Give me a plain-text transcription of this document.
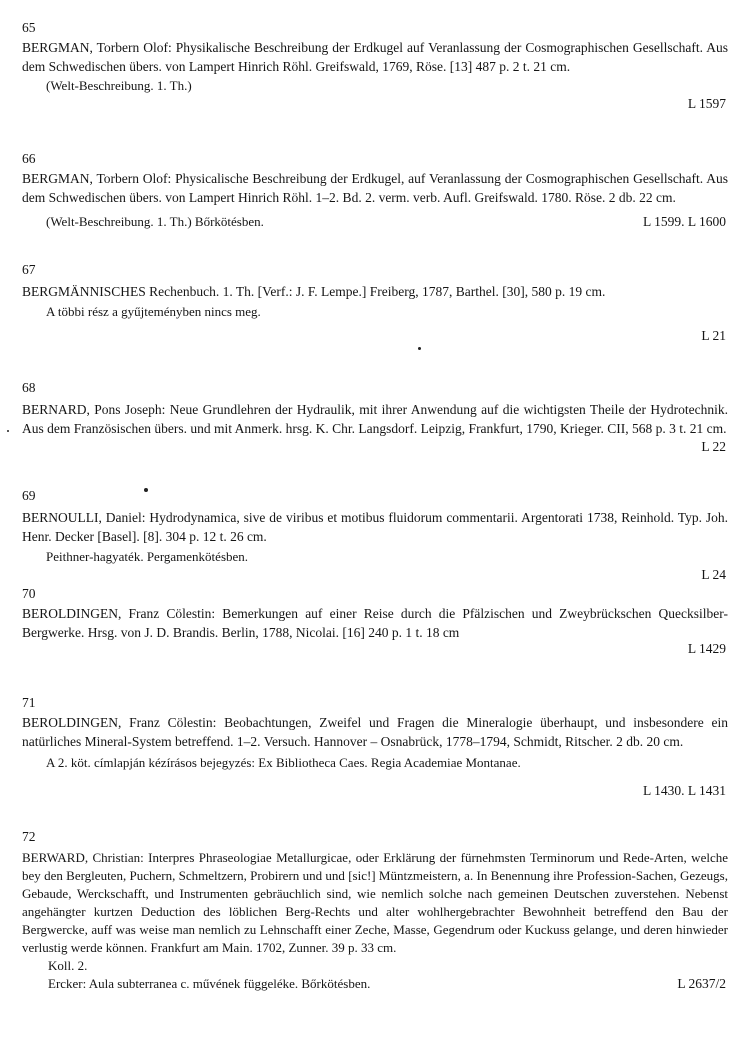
65
BERGMAN, Torbern Olof: Physikalische Beschreibung der Erdkugel auf Veranlassung der Cosmographischen Gesellschaft. Aus dem Schwedischen übers. von Lampert Hinrich Röhl. Greifswald, 1769, Röse. [13] 487 p. 2 t. 21 cm.
(Welt-Beschreibung. 1. Th.)
L 1597
66
BERGMAN, Torbern Olof: Physicalische Beschreibung der Erdkugel, auf Veranlassung der Cosmographischen Gesellschaft. Aus dem Schwedischen übers. von Lampert Hinrich Röhl. 1–2. Bd. 2. verm. verb. Aufl. Greifswald. 1780. Röse. 2 db. 22 cm.
(Welt-Beschreibung. 1. Th.) Bőrkötésben.	L 1599. L 1600
67
BERGMÄNNISCHES Rechenbuch. 1. Th. [Verf.: J. F. Lempe.] Freiberg, 1787, Barthel. [30], 580 p. 19 cm.
A többi rész a gyűjteményben nincs meg.
L 21
68
BERNARD, Pons Joseph: Neue Grundlehren der Hydraulik, mit ihrer Anwendung auf die wichtigsten Theile der Hydrotechnik. Aus dem Französischen übers. und mit Anmerk. hrsg. K. Chr. Langsdorf. Leipzig, Frankfurt, 1790, Krieger. CII, 568 p. 3 t. 21 cm.
L 22
69
BERNOULLI, Daniel: Hydrodynamica, sive de viribus et motibus fluidorum commentarii. Argentorati 1738, Reinhold. Typ. Joh. Henr. Decker [Basel]. [8]. 304 p. 12 t. 26 cm.
Peithner-hagyaték. Pergamenkötésben.
L 24
70
BEROLDINGEN, Franz Cölestin: Bemerkungen auf einer Reise durch die Pfälzischen und Zweybrückschen Quecksilber-Bergwerke. Hrsg. von J. D. Brandis. Berlin, 1788, Nicolai. [16] 240 p. 1 t. 18 cm
L 1429
71
BEROLDINGEN, Franz Cölestin: Beobachtungen, Zweifel und Fragen die Mineralogie überhaupt, und insbesondere ein natürliches Mineral-System betreffend. 1–2. Versuch. Hannover – Osnabrück, 1778–1794, Schmidt, Ritscher. 2 db. 20 cm.
A 2. köt. címlapján kézírásos bejegyzés: Ex Bibliotheca Caes. Regia Academiae Montanae.
L 1430. L 1431
72
BERWARD, Christian: Interpres Phraseologiae Metallurgicae, oder Erklärung der fürnehmsten Terminorum und Rede-Arten, welche bey den Bergleuten, Puchern, Schmeltzern, Probirern und und [sic!] Müntzmeistern, a. In Benennung ihre Profession-Sachen, Gezeugs, Gebaude, Werckschafft, und Instrumenten gebräuchlich sind, wie nemlich solche nach gemeinen Deutschen zuverstehen. Nebenst angehängter kurtzen Deduction des löblichen Berg-Rechts und alter wohlhergebrachter Bewohnheit betreffend den Bau der Bergwercke, auff was weise man nemlich zu Lehnschafft einer Zeche, Masse, Gegendrum oder Kuckuss gelange, und deren hinwieder verlustig werde können. Frankfurt am Main. 1702, Zunner. 39 p. 33 cm.
Koll. 2.
Ercker: Aula subterranea c. művének függeléke. Bőrkötésben.	L 2637/2
